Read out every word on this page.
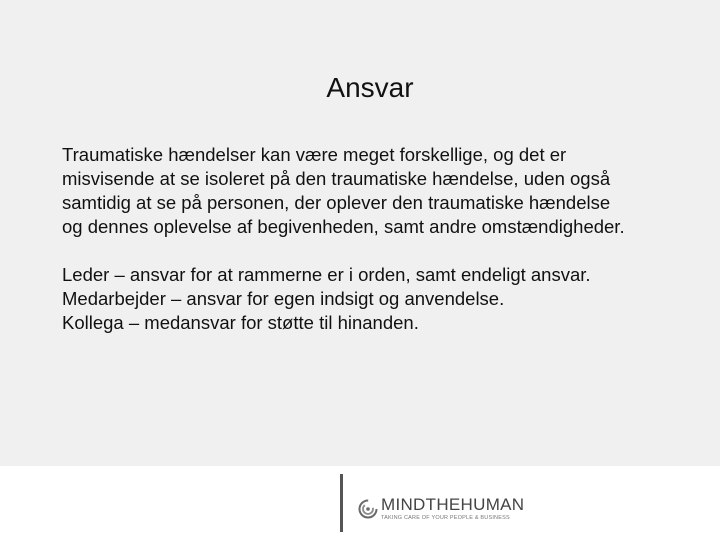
Ansvar

Traumatiske hændelser kan være meget forskellige, og det er

misvisende at se isoleret på den traumatiske hændelse, uden også

samtidig at se på personen, der oplever den traumatiske hændelse

og dennes oplevelse af begivenheden, samt andre omstændigheder.

Leder – ansvar for at rammerne er i orden, samt endeligt ansvar.

Medarbejder – ansvar for egen indsigt og anvendelse.

Kollega – medansvar for støtte til hinanden.

MINDTHEHUMAN
TAKING CARE OF YOUR PEOPLE & BUSINESS
